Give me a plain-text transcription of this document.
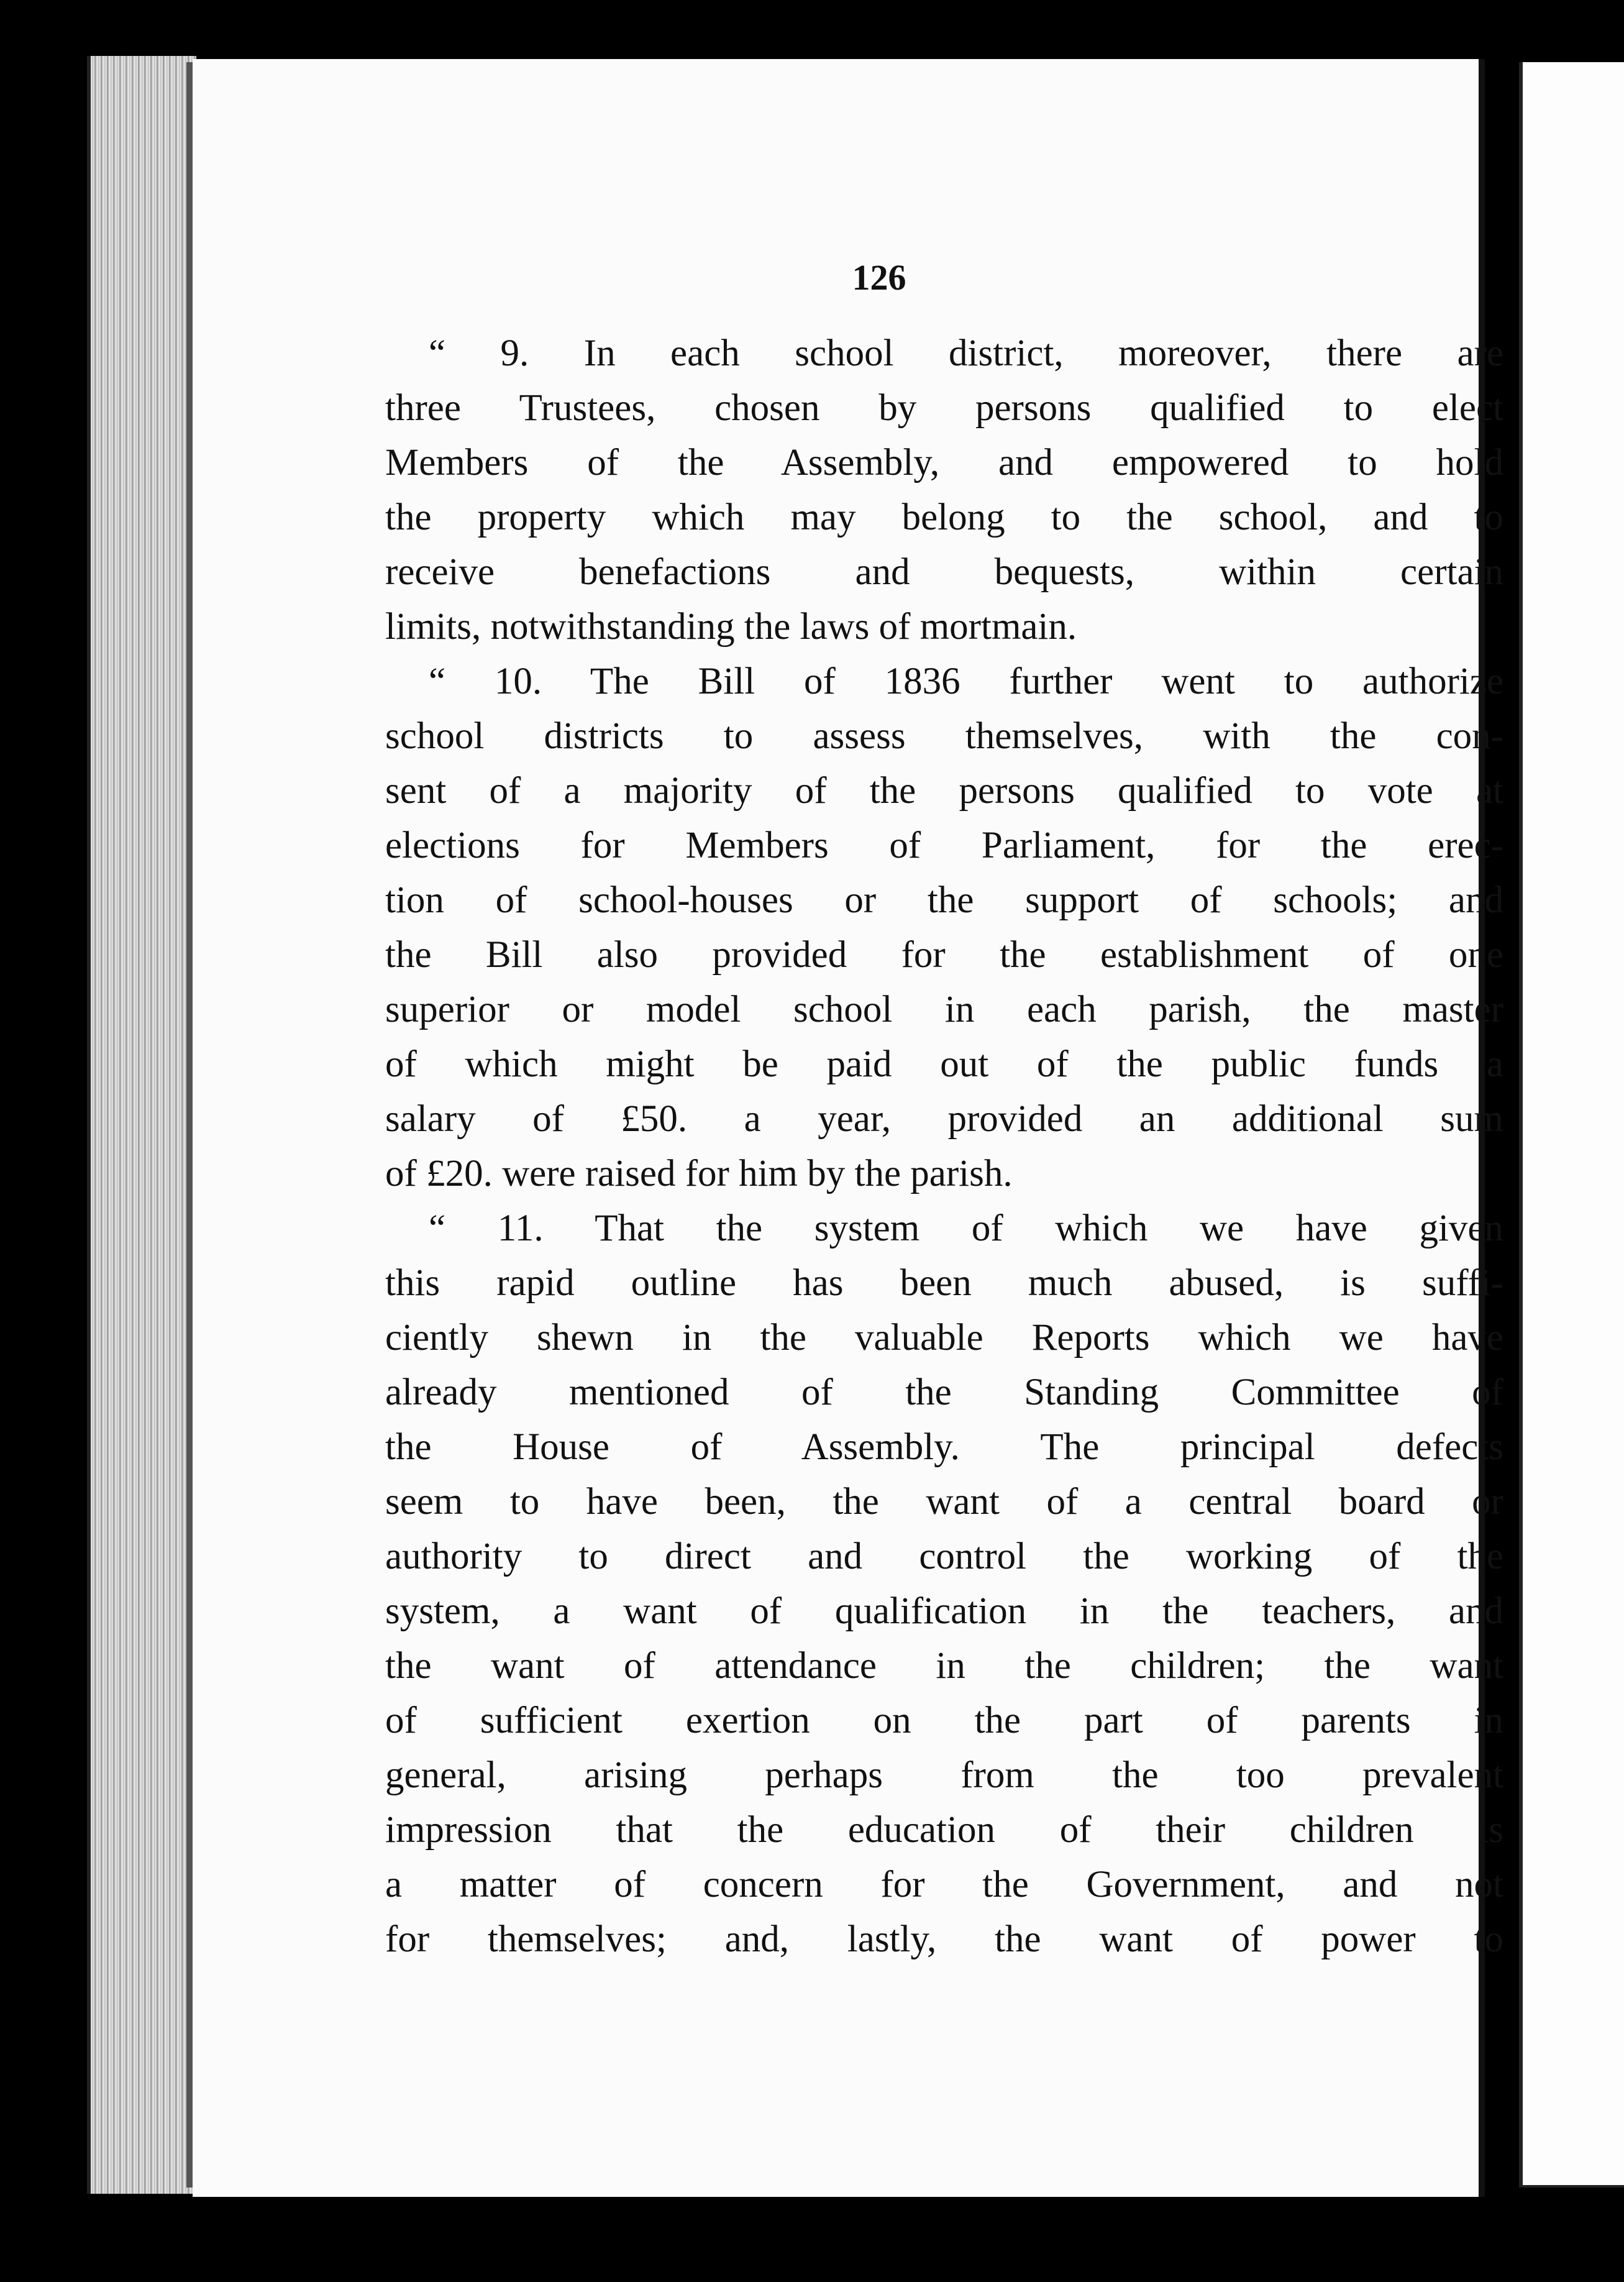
126
“ 9. In each school district, moreover, there are
three Trustees, chosen by persons qualified to elect
Members of the Assembly, and empowered to hold
the property which may belong to the school, and to
receive benefactions and bequests, within certain
limits, notwithstanding the laws of mortmain.
“ 10. The Bill of 1836 further went to authorize
school districts to assess themselves, with the con-
sent of a majority of the persons qualified to vote at
elections for Members of Parliament, for the erec-
tion of school-houses or the support of schools; and
the Bill also provided for the establishment of one
superior or model school in each parish, the master
of which might be paid out of the public funds a
salary of £50. a year, provided an additional sum
of £20. were raised for him by the parish.
“ 11. That the system of which we have given
this rapid outline has been much abused, is suffi-
ciently shewn in the valuable Reports which we have
already mentioned of the Standing Committee of
the House of Assembly. The principal defects
seem to have been, the want of a central board or
authority to direct and control the working of the
system, a want of qualification in the teachers, and
the want of attendance in the children; the want
of sufficient exertion on the part of parents in
general, arising perhaps from the too prevalent
impression that the education of their children is
a matter of concern for the Government, and not
for themselves; and, lastly, the want of power to
